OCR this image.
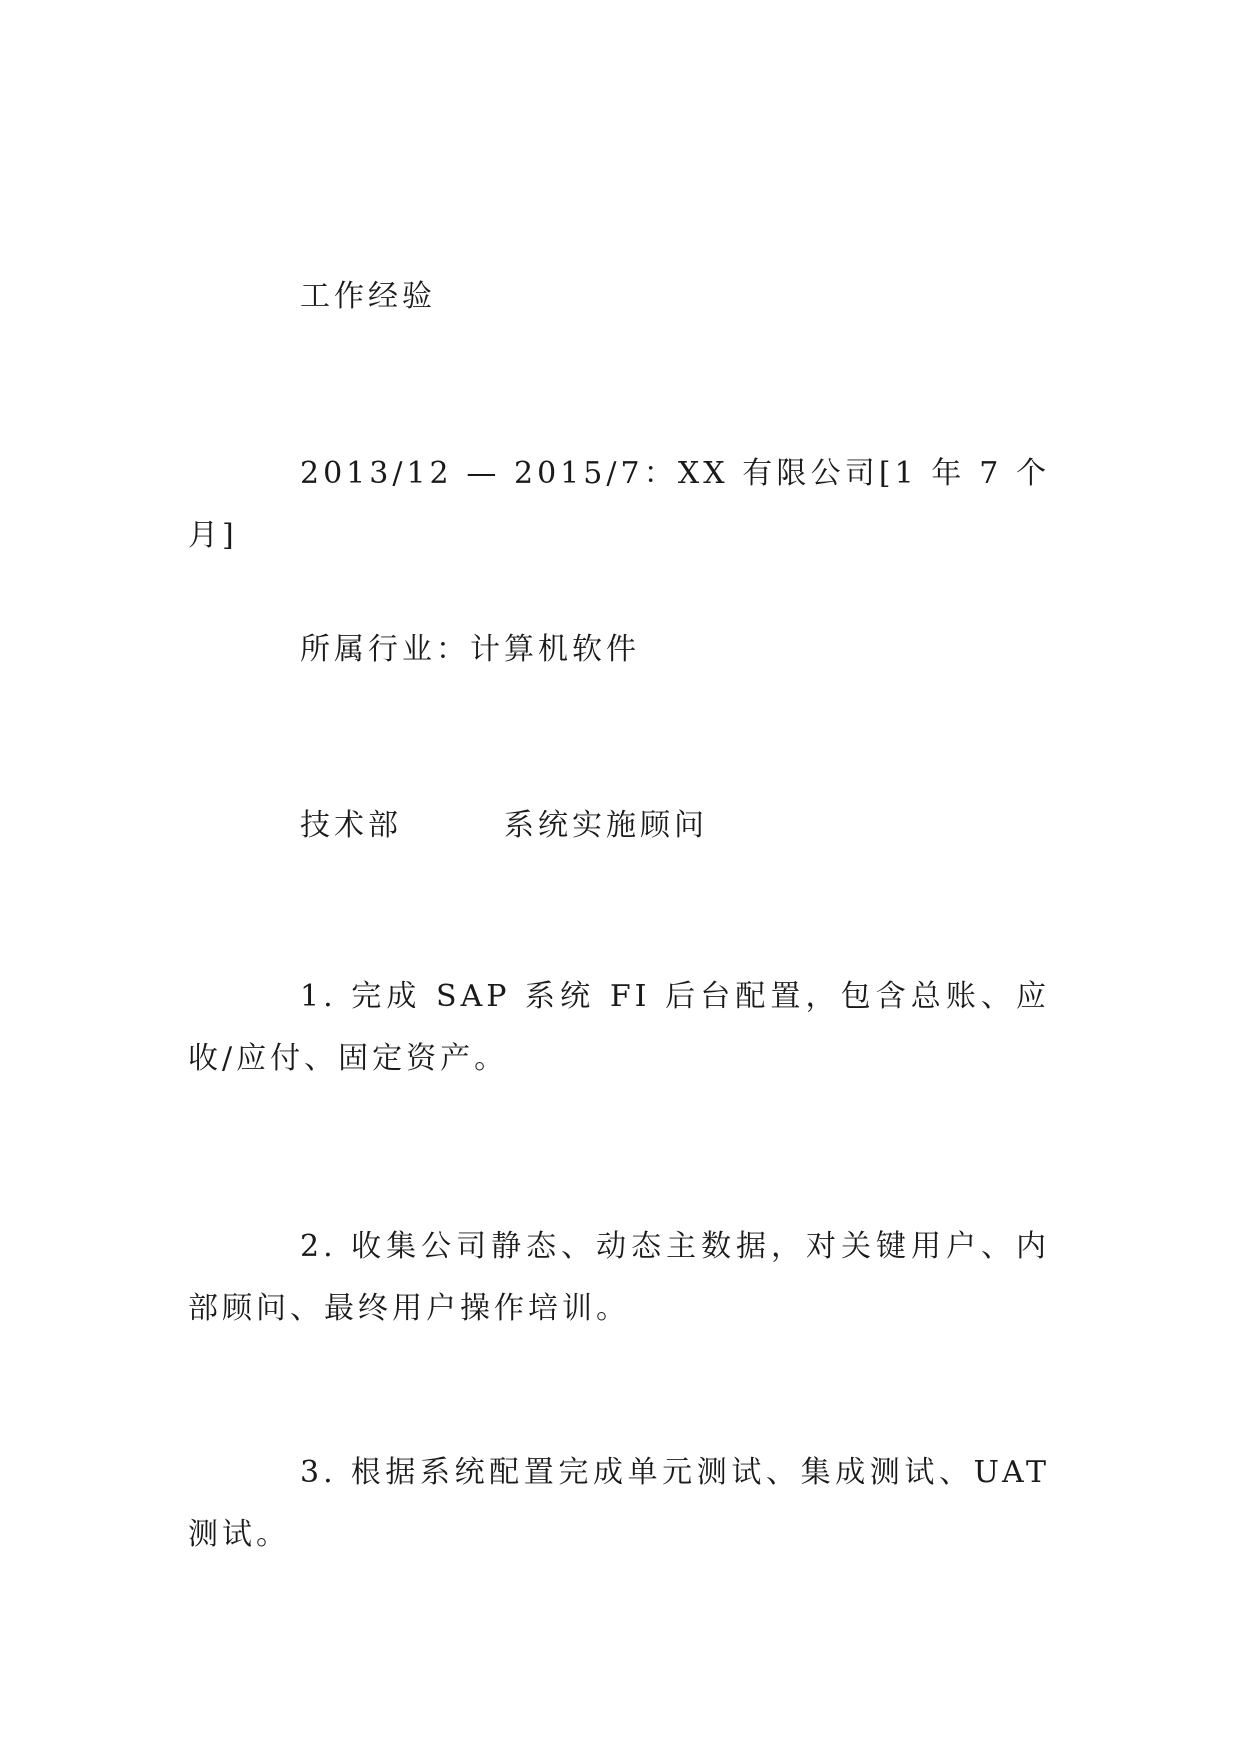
工作经验

2013/12 — 2015/7：XX 有限公司[1 年 7 个月]

所属行业：计算机软件

技术部　　　系统实施顾问

1. 完成 SAP 系统 FI 后台配置，包含总账、应收/应付、固定资产。

2. 收集公司静态、动态主数据，对关键用户、内部顾问、最终用户操作培训。

3. 根据系统配置完成单元测试、集成测试、UAT 测试。
